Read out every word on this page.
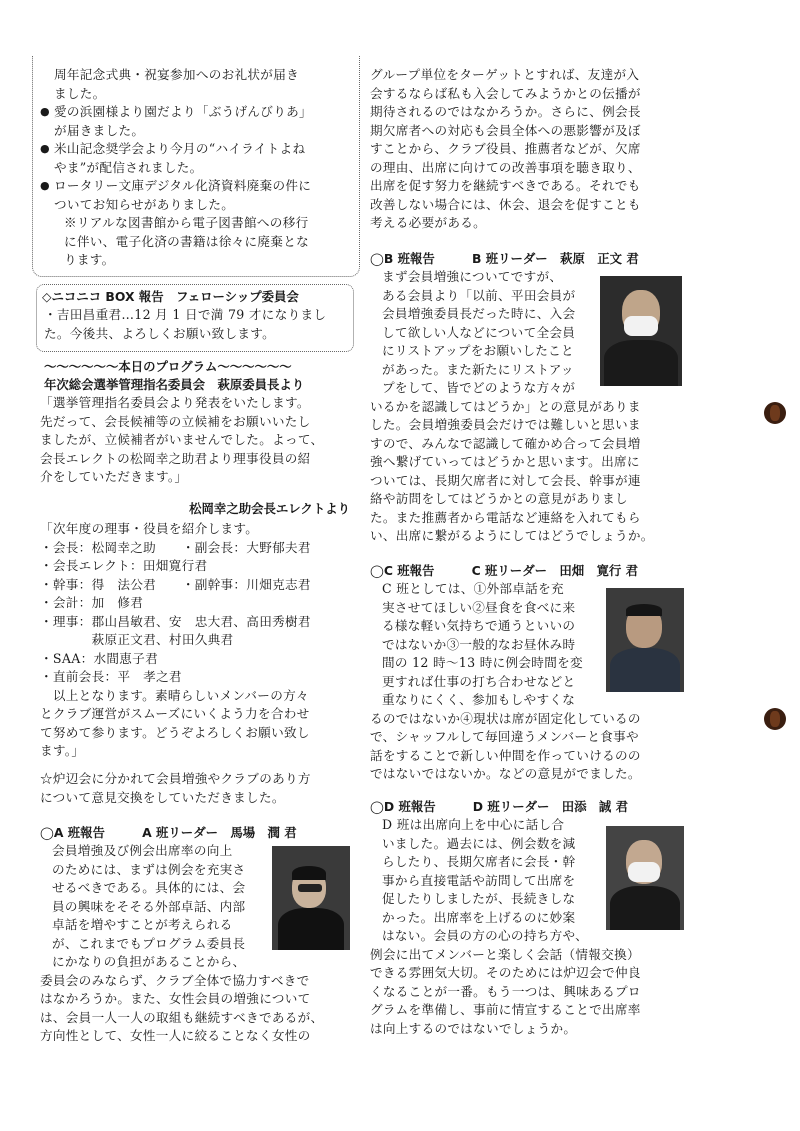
周年記念式典・祝宴参加へのお礼状が届き
ました。
● 愛の浜園様より園だより「ぶうげんびりあ」
が届きました。
● 米山記念奨学会より今月の“ハイライトよね
やま”が配信されました。
● ロータリー文庫デジタル化済資料廃棄の件に
ついてお知らせがありました。
※リアルな図書館から電子図書館への移行
に伴い、電子化済の書籍は徐々に廃棄とな
ります。
◇ニコニコ BOX 報告　フェローシップ委員会
・吉田昌重君…12 月 1 日で満 79 才になりまし
た。今後共、よろしくお願い致します。
〜〜〜〜〜〜本日のプログラム〜〜〜〜〜〜
年次総会選挙管理指名委員会　萩原委員長より
「選挙管理指名委員会より発表をいたします。
先だって、会長候補等の立候補をお願いいたし
ましたが、立候補者がいませんでした。よって、
会長エレクトの松岡幸之助君より理事役員の紹
介をしていただきます。」
松岡幸之助会長エレクトより
「次年度の理事・役員を紹介します。
・会長：松岡幸之助　　・副会長：大野郁夫君
・会長エレクト：田畑寛行君
・幹事：得　法公君　　・副幹事：川畑克志君
・会計：加　修君
・理事：郡山昌敏君、安　忠大君、高田秀樹君
　　　　萩原正文君、村田久典君
・SAA：水間恵子君
・直前会長：平　孝之君
　以上となります。素晴らしいメンバーの方々
とクラブ運営がスムーズにいくよう力を合わせ
て努めて参ります。どうぞよろしくお願い致し
ます。」
☆炉辺会に分かれて会員増強やクラブのあり方
について意見交換をしていただきました。
◯A 班報告　　　A 班リーダー　馬場　潤 君
会員増強及び例会出席率の向上
のためには、まずは例会を充実さ
せるべきである。具体的には、会
員の興味をそそる外部卓話、内部
卓話を増やすことが考えられる
が、これまでもプログラム委員長
にかなりの負担があることから、
委員会のみならず、クラブ全体で協力すべきで
はなかろうか。また、女性会員の増強について
は、会員一人一人の取組も継続すべきであるが、
方向性として、女性一人に絞ることなく女性の
グループ単位をターゲットとすれば、友達が入
会するならば私も入会してみようかとの伝播が
期待されるのではなかろうか。さらに、例会長
期欠席者への対応も会員全体への悪影響が及ぼ
すことから、クラブ役員、推薦者などが、欠席
の理由、出席に向けての改善事項を聴き取り、
出席を促す努力を継続すべきである。それでも
改善しない場合には、休会、退会を促すことも
考える必要がある。
◯B 班報告　　　B 班リーダー　萩原　正文 君
まず会員増強についてですが、
ある会員より「以前、平田会員が
会員増強委員長だった時に、入会
して欲しい人などについて全会員
にリストアップをお願いしたこと
があった。また新たにリストアッ
プをして、皆でどのような方々が
いるかを認識してはどうか」との意見がありま
した。会員増強委員会だけでは難しいと思いま
すので、みんなで認識して確かめ合って会員増
強へ繋げていってはどうかと思います。出席に
ついては、長期欠席者に対して会長、幹事が連
絡や訪問をしてはどうかとの意見がありまし
た。また推薦者から電話など連絡を入れてもら
い、出席に繋がるようにしてはどうでしょうか。
◯C 班報告　　　C 班リーダー　田畑　寛行 君
C 班としては、①外部卓話を充
実させてほしい②昼食を食べに来
る様な軽い気持ちで通うといいの
ではないか③一般的なお昼休み時
間の 12 時〜13 時に例会時間を変
更すれば仕事の打ち合わせなどと
重なりにくく、参加もしやすくな
るのではないか④現状は席が固定化しているの
で、シャッフルして毎回違うメンバーと食事や
話をすることで新しい仲間を作っていけるのの
ではないではないか。などの意見がでました。
◯D 班報告　　　D 班リーダー　田添　誠 君
D 班は出席向上を中心に話し合
いました。過去には、例会数を減
らしたり、長期欠席者に会長・幹
事から直接電話や訪問して出席を
促したりしましたが、長続きしな
かった。出席率を上げるのに妙案
はない。会員の方の心の持ち方や、
例会に出てメンバーと楽しく会話（情報交換）
できる雰囲気大切。そのためには炉辺会で仲良
くなることが一番。もう一つは、興味あるプロ
グラムを準備し、事前に情宣することで出席率
は向上するのではないでしょうか。
